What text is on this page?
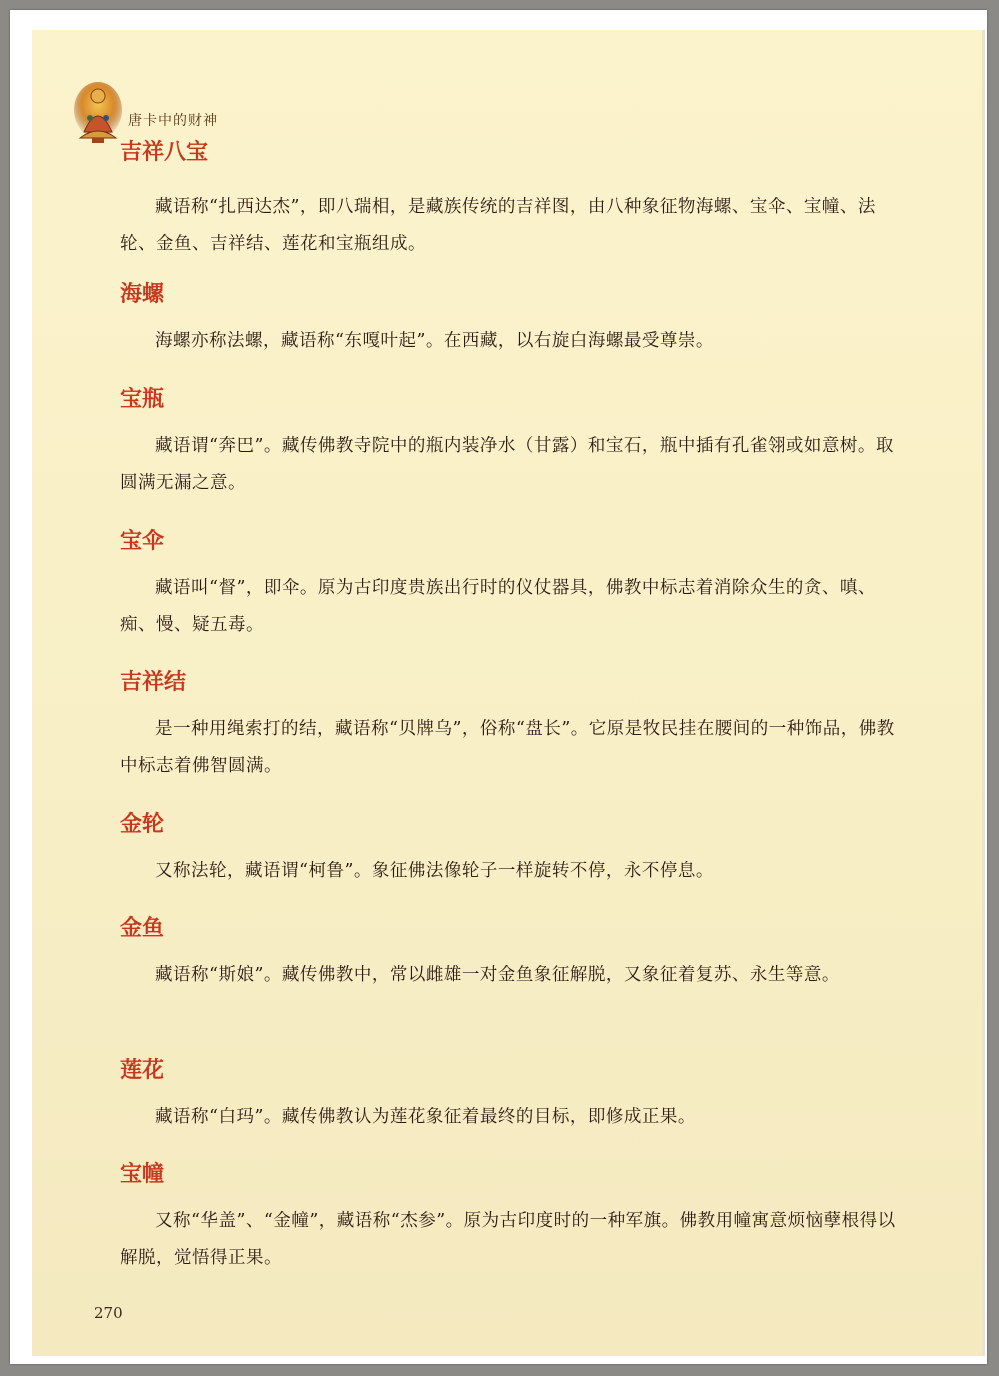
唐卡中的财神
吉祥八宝

藏语称“扎西达杰”，即八瑞相，是藏族传统的吉祥图，由八种象征物海螺、宝伞、宝幢、法轮、金鱼、吉祥结、莲花和宝瓶组成。

海螺

海螺亦称法螺，藏语称“东嘎叶起”。在西藏，以右旋白海螺最受尊崇。

宝瓶

藏语谓“奔巴”。藏传佛教寺院中的瓶内装净水（甘露）和宝石，瓶中插有孔雀翎或如意树。取圆满无漏之意。

宝伞

藏语叫“督”，即伞。原为古印度贵族出行时的仪仗器具，佛教中标志着消除众生的贪、嗔、痴、慢、疑五毒。

吉祥结

是一种用绳索打的结，藏语称“贝牌乌”，俗称“盘长”。它原是牧民挂在腰间的一种饰品，佛教中标志着佛智圆满。

金轮

又称法轮，藏语谓“柯鲁”。象征佛法像轮子一样旋转不停，永不停息。

金鱼

藏语称“斯娘”。藏传佛教中，常以雌雄一对金鱼象征解脱，又象征着复苏、永生等意。

莲花

藏语称“白玛”。藏传佛教认为莲花象征着最终的目标，即修成正果。

宝幢

又称“华盖”、“金幢”，藏语称“杰参”。原为古印度时的一种军旗。佛教用幢寓意烦恼孽根得以解脱，觉悟得正果。

270
